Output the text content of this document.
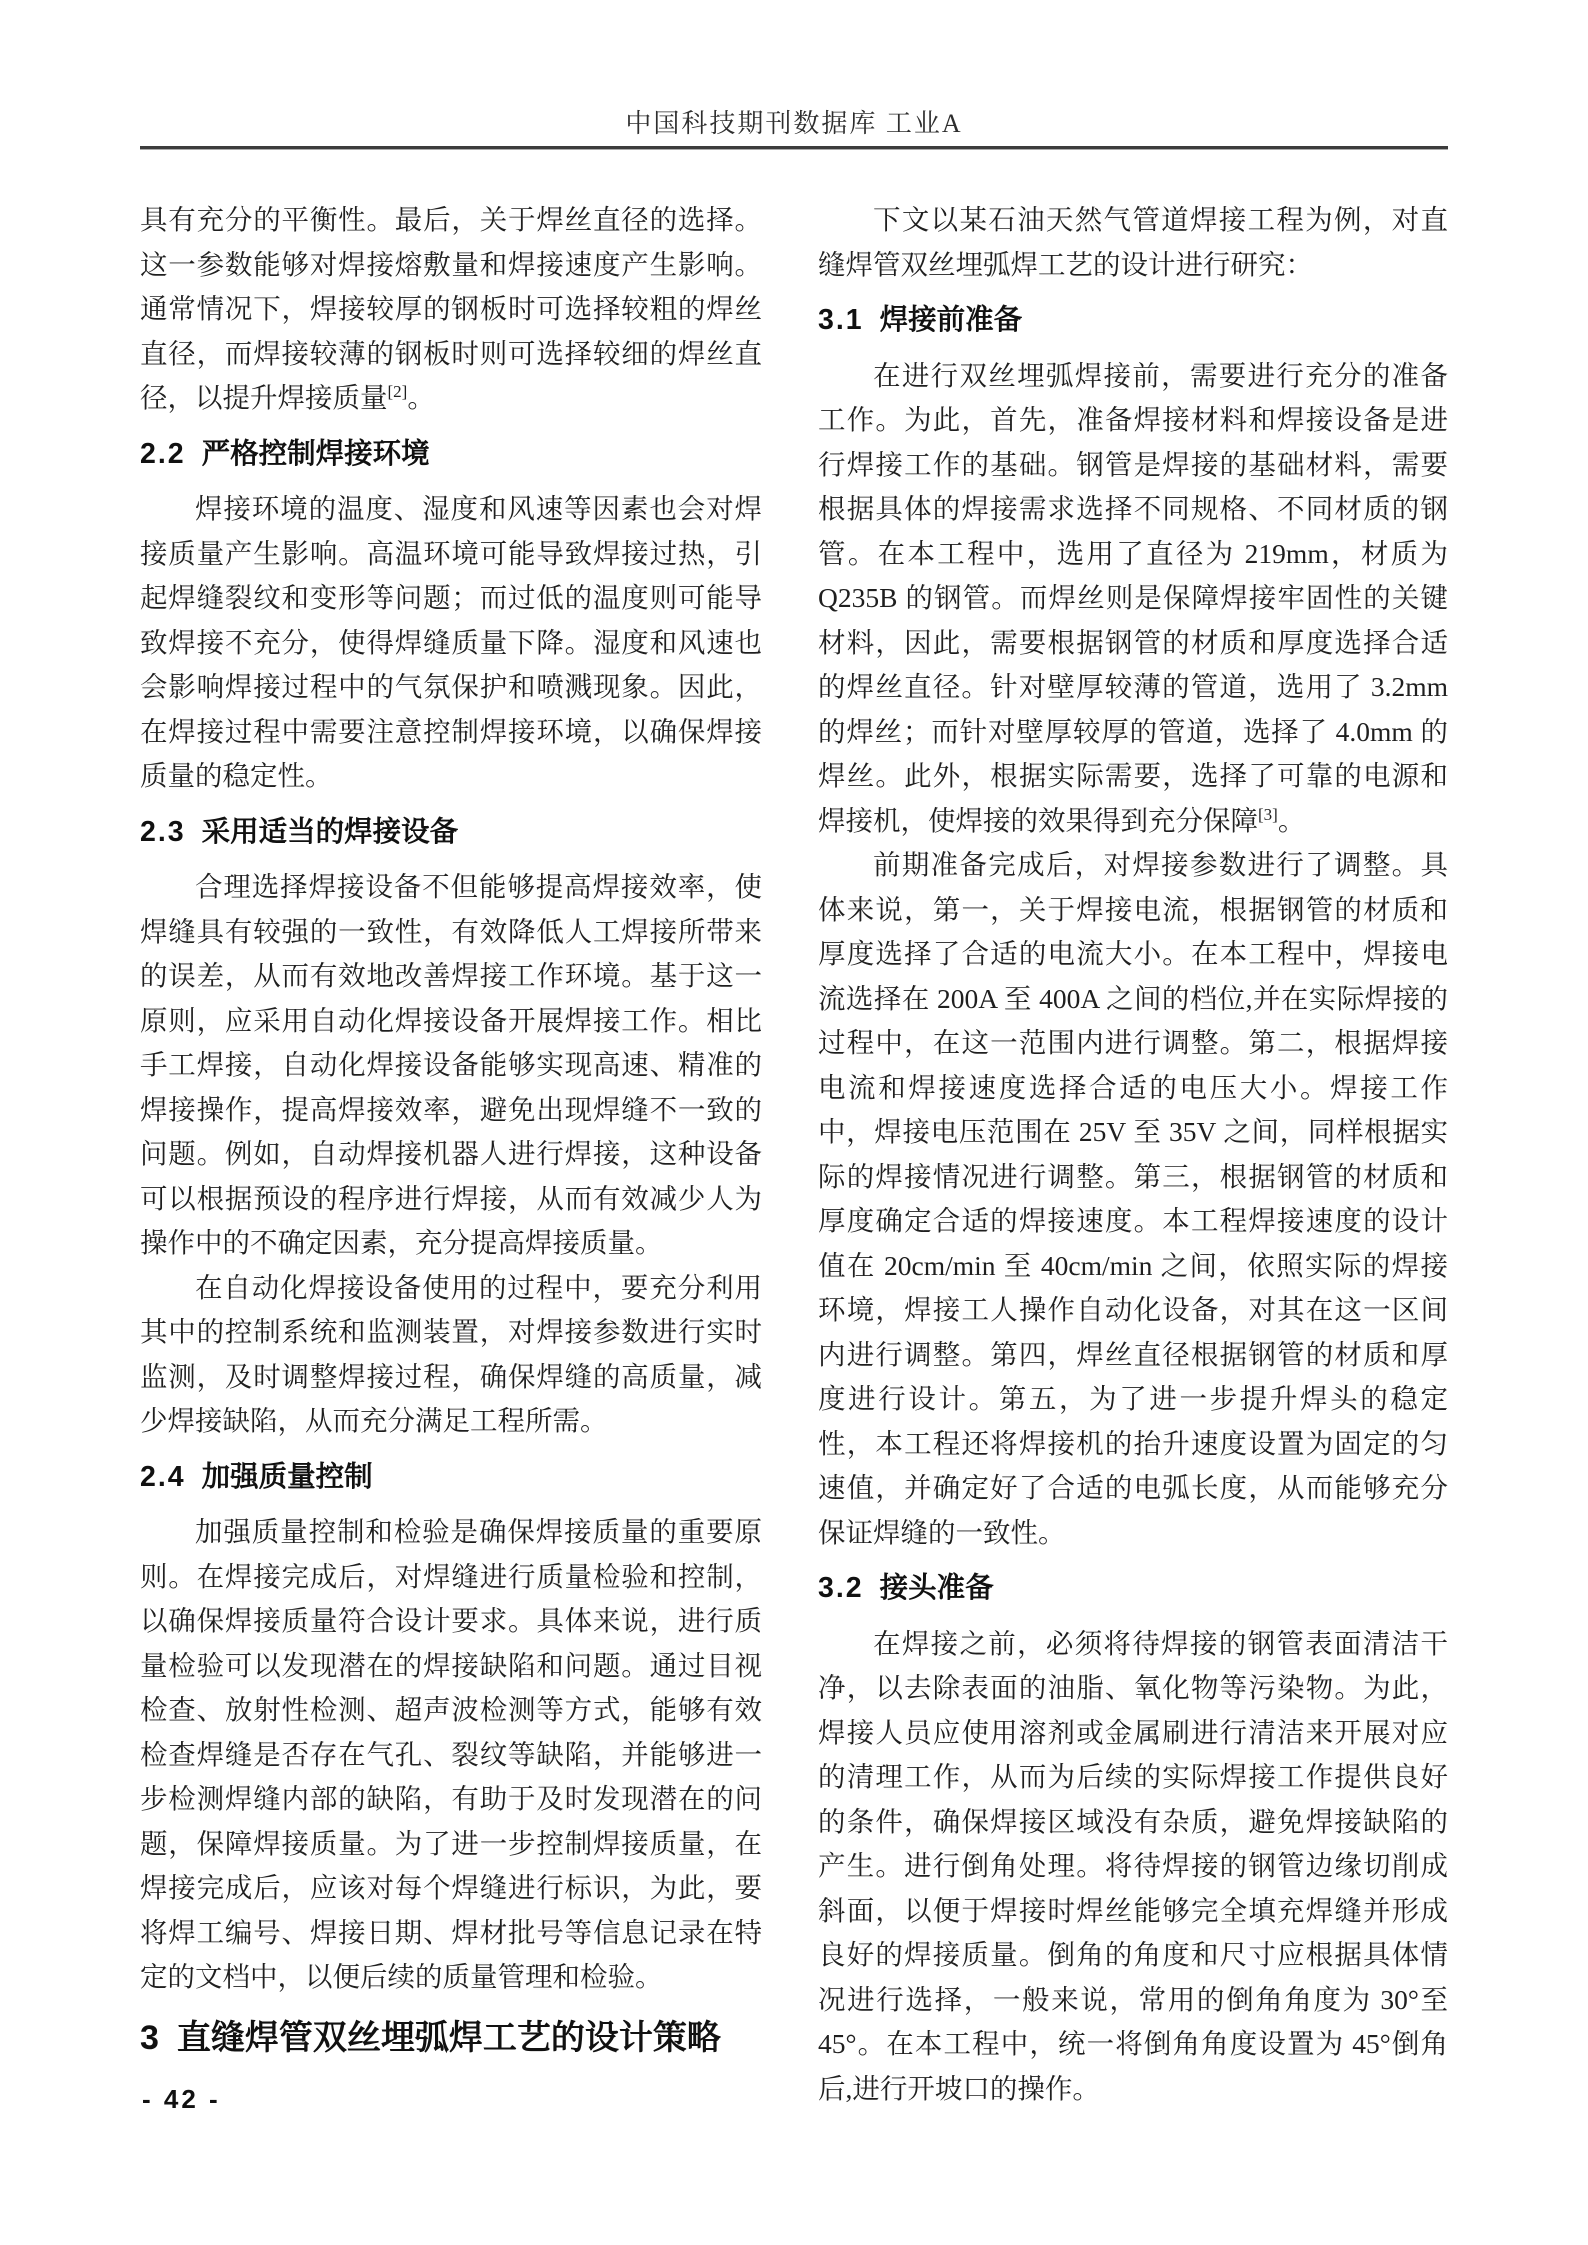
中国科技期刊数据库 工业A

具有充分的平衡性。最后，关于焊丝直径的选择。这一参数能够对焊接熔敷量和焊接速度产生影响。通常情况下，焊接较厚的钢板时可选择较粗的焊丝直径，而焊接较薄的钢板时则可选择较细的焊丝直径，以提升焊接质量[2]。

2.2 严格控制焊接环境

焊接环境的温度、湿度和风速等因素也会对焊接质量产生影响。高温环境可能导致焊接过热，引起焊缝裂纹和变形等问题；而过低的温度则可能导致焊接不充分，使得焊缝质量下降。湿度和风速也会影响焊接过程中的气氛保护和喷溅现象。因此，在焊接过程中需要注意控制焊接环境，以确保焊接质量的稳定性。

2.3 采用适当的焊接设备

合理选择焊接设备不但能够提高焊接效率，使焊缝具有较强的一致性，有效降低人工焊接所带来的误差，从而有效地改善焊接工作环境。基于这一原则，应采用自动化焊接设备开展焊接工作。相比手工焊接，自动化焊接设备能够实现高速、精准的焊接操作，提高焊接效率，避免出现焊缝不一致的问题。例如，自动焊接机器人进行焊接，这种设备可以根据预设的程序进行焊接，从而有效减少人为操作中的不确定因素，充分提高焊接质量。

在自动化焊接设备使用的过程中，要充分利用其中的控制系统和监测装置，对焊接参数进行实时监测，及时调整焊接过程，确保焊缝的高质量，减少焊接缺陷，从而充分满足工程所需。

2.4 加强质量控制

加强质量控制和检验是确保焊接质量的重要原则。在焊接完成后，对焊缝进行质量检验和控制，以确保焊接质量符合设计要求。具体来说，进行质量检验可以发现潜在的焊接缺陷和问题。通过目视检查、放射性检测、超声波检测等方式，能够有效检查焊缝是否存在气孔、裂纹等缺陷，并能够进一步检测焊缝内部的缺陷，有助于及时发现潜在的问题，保障焊接质量。为了进一步控制焊接质量，在焊接完成后，应该对每个焊缝进行标识，为此，要将焊工编号、焊接日期、焊材批号等信息记录在特定的文档中，以便后续的质量管理和检验。

3 直缝焊管双丝埋弧焊工艺的设计策略

下文以某石油天然气管道焊接工程为例，对直缝焊管双丝埋弧焊工艺的设计进行研究：

3.1 焊接前准备

在进行双丝埋弧焊接前，需要进行充分的准备工作。为此，首先，准备焊接材料和焊接设备是进行焊接工作的基础。钢管是焊接的基础材料，需要根据具体的焊接需求选择不同规格、不同材质的钢管。在本工程中，选用了直径为 219mm，材质为 Q235B 的钢管。而焊丝则是保障焊接牢固性的关键材料，因此，需要根据钢管的材质和厚度选择合适的焊丝直径。针对壁厚较薄的管道，选用了 3.2mm 的焊丝；而针对壁厚较厚的管道，选择了 4.0mm 的焊丝。此外，根据实际需要，选择了可靠的电源和焊接机，使焊接的效果得到充分保障[3]。

前期准备完成后，对焊接参数进行了调整。具体来说，第一，关于焊接电流，根据钢管的材质和厚度选择了合适的电流大小。在本工程中，焊接电流选择在 200A 至 400A 之间的档位,并在实际焊接的过程中，在这一范围内进行调整。第二，根据焊接电流和焊接速度选择合适的电压大小。焊接工作中，焊接电压范围在 25V 至 35V 之间，同样根据实际的焊接情况进行调整。第三，根据钢管的材质和厚度确定合适的焊接速度。本工程焊接速度的设计值在 20cm/min 至 40cm/min 之间，依照实际的焊接环境，焊接工人操作自动化设备，对其在这一区间内进行调整。第四，焊丝直径根据钢管的材质和厚度进行设计。第五，为了进一步提升焊头的稳定性，本工程还将焊接机的抬升速度设置为固定的匀速值，并确定好了合适的电弧长度，从而能够充分保证焊缝的一致性。

3.2 接头准备

在焊接之前，必须将待焊接的钢管表面清洁干净，以去除表面的油脂、氧化物等污染物。为此，焊接人员应使用溶剂或金属刷进行清洁来开展对应的清理工作，从而为后续的实际焊接工作提供良好的条件，确保焊接区域没有杂质，避免焊接缺陷的产生。进行倒角处理。将待焊接的钢管边缘切削成斜面，以便于焊接时焊丝能够完全填充焊缝并形成良好的焊接质量。倒角的角度和尺寸应根据具体情况进行选择，一般来说，常用的倒角角度为 30°至 45°。在本工程中，统一将倒角角度设置为 45°倒角后,进行开坡口的操作。

- 42 -
